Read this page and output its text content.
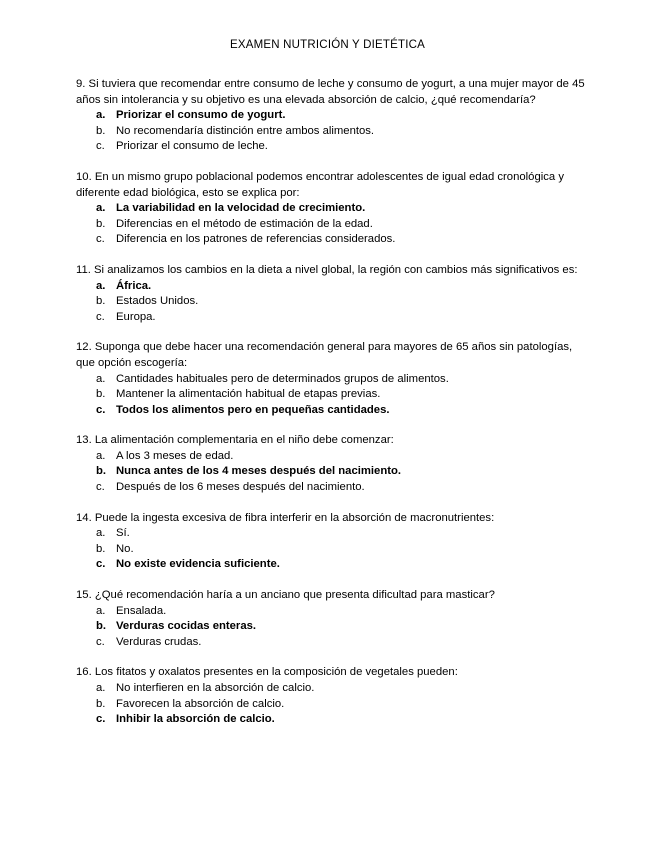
EXAMEN NUTRICIÓN Y DIETÉTICA
9. Si tuviera que recomendar entre consumo de leche y consumo de yogurt, a una mujer mayor de 45 años sin intolerancia y su objetivo es una elevada absorción de calcio, ¿qué recomendaría?
a. Priorizar el consumo de yogurt.
b. No recomendaría distinción entre ambos alimentos.
c. Priorizar el consumo de leche.
10. En un mismo grupo poblacional podemos encontrar adolescentes de igual edad cronológica y diferente edad biológica, esto se explica por:
a. La variabilidad en la velocidad de crecimiento.
b. Diferencias en el método de estimación de la edad.
c. Diferencia en los patrones de referencias considerados.
11. Si analizamos los cambios en la dieta a nivel global, la región con cambios más significativos es:
a. África.
b. Estados Unidos.
c. Europa.
12. Suponga que debe hacer una recomendación general para mayores de 65 años sin patologías, que opción escogería:
a. Cantidades habituales pero de determinados grupos de alimentos.
b. Mantener la alimentación habitual de etapas previas.
c. Todos los alimentos pero en pequeñas cantidades.
13. La alimentación complementaria en el niño debe comenzar:
a. A los 3 meses de edad.
b. Nunca antes de los 4 meses después del nacimiento.
c. Después de los 6 meses después del nacimiento.
14. Puede la ingesta excesiva de fibra interferir en la absorción de macronutrientes:
a. Sí.
b. No.
c. No existe evidencia suficiente.
15. ¿Qué recomendación haría a un anciano que presenta dificultad para masticar?
a. Ensalada.
b. Verduras cocidas enteras.
c. Verduras crudas.
16. Los fitatos y oxalatos presentes en la composición de vegetales pueden:
a. No interfieren en la absorción de calcio.
b. Favorecen la absorción de calcio.
c. Inhibir la absorción de calcio.
